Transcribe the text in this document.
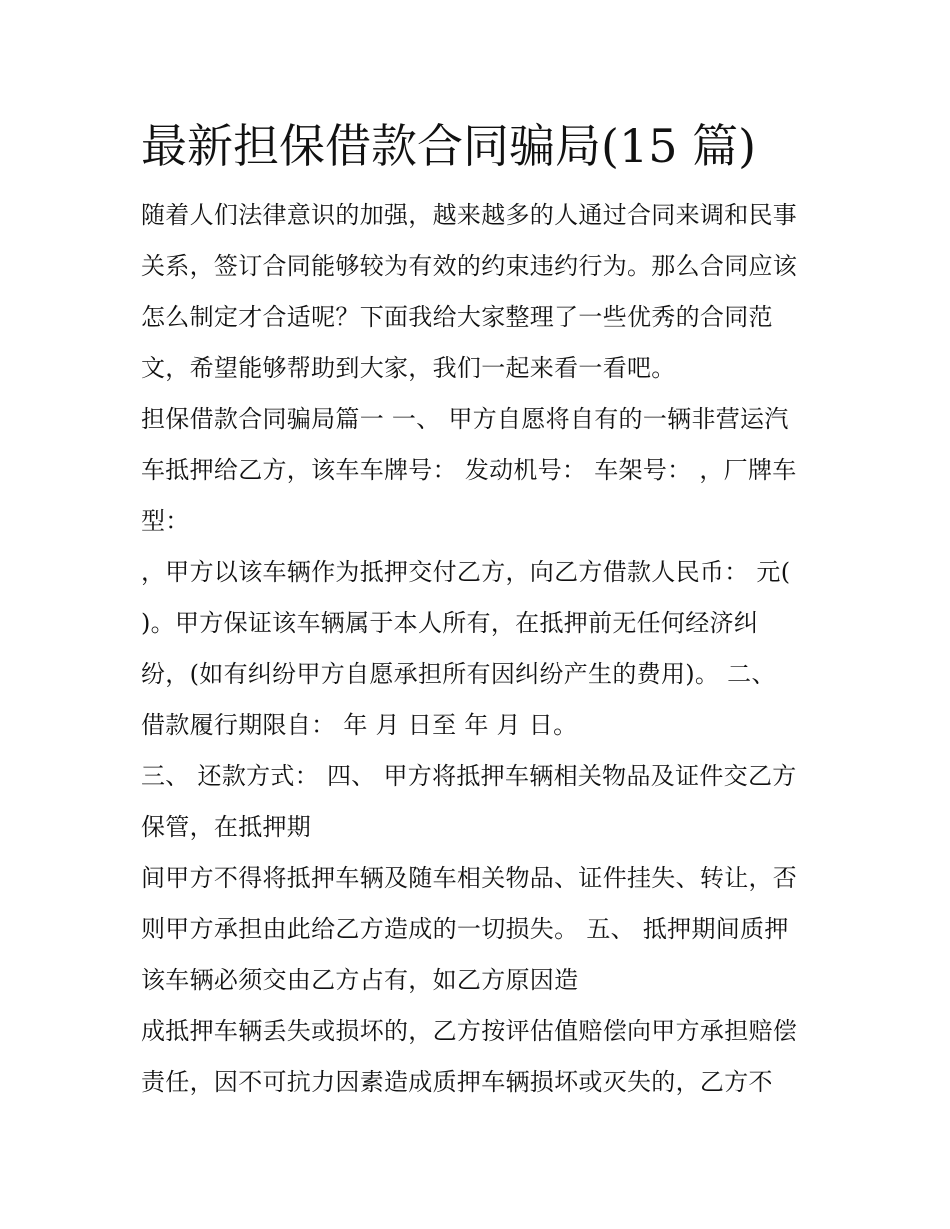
最新担保借款合同骗局(15 篇)
随着人们法律意识的加强，越来越多的人通过合同来调和民事
关系，签订合同能够较为有效的约束违约行为。那么合同应该
怎么制定才合适呢？下面我给大家整理了一些优秀的合同范
文，希望能够帮助到大家，我们一起来看一看吧。
担保借款合同骗局篇一 一、 甲方自愿将自有的一辆非营运汽
车抵押给乙方，该车车牌号： 发动机号： 车架号： ，厂牌车
型：
，甲方以该车辆作为抵押交付乙方，向乙方借款人民币： 元(
)。甲方保证该车辆属于本人所有，在抵押前无任何经济纠
纷，(如有纠纷甲方自愿承担所有因纠纷产生的费用)。 二、
借款履行期限自： 年 月 日至 年 月 日。
三、 还款方式： 四、 甲方将抵押车辆相关物品及证件交乙方
保管，在抵押期
间甲方不得将抵押车辆及随车相关物品、证件挂失、转让，否
则甲方承担由此给乙方造成的一切损失。 五、 抵押期间质押
该车辆必须交由乙方占有，如乙方原因造
成抵押车辆丢失或损坏的，乙方按评估值赔偿向甲方承担赔偿
责任，因不可抗力因素造成质押车辆损坏或灭失的，乙方不
